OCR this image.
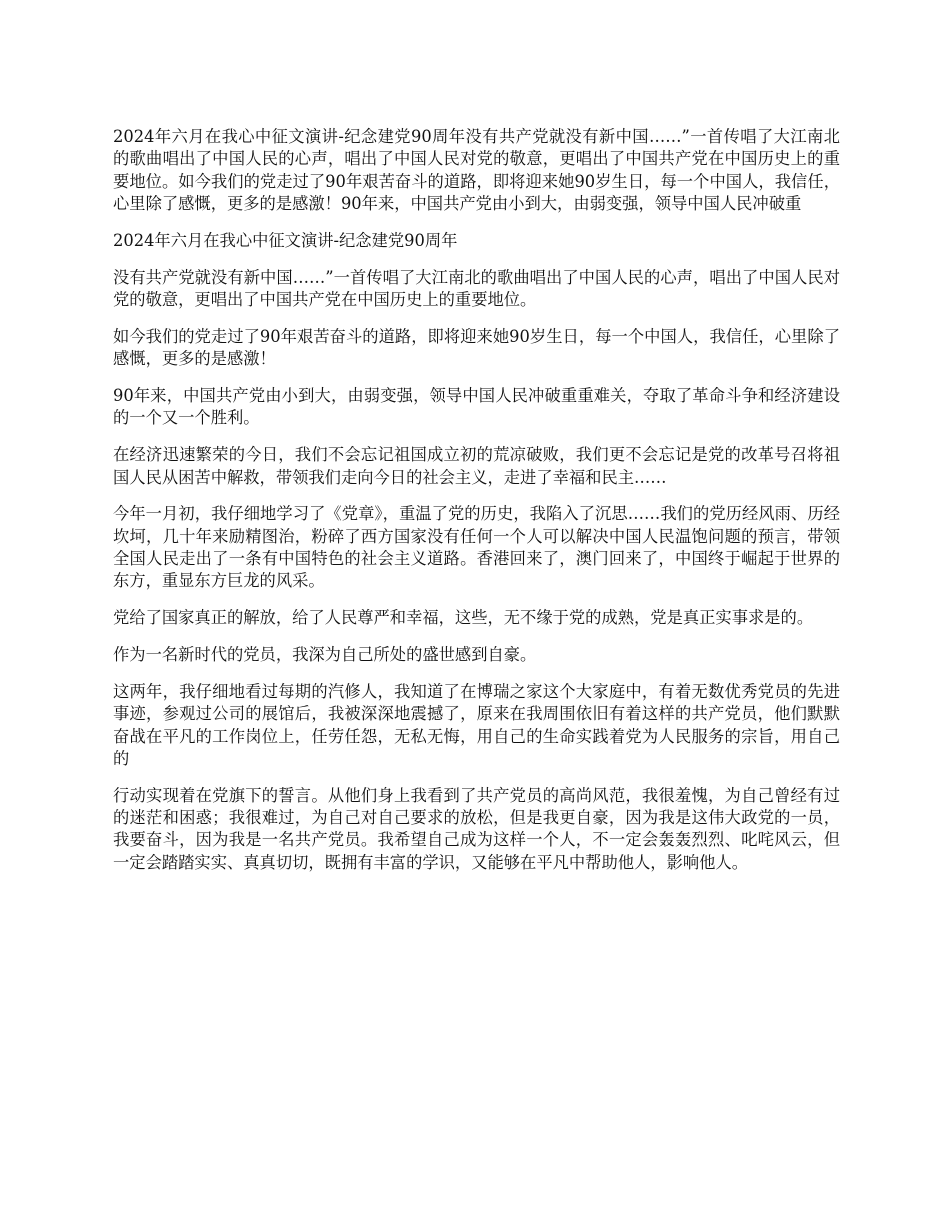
2024年六月在我心中征文演讲-纪念建党90周年没有共产党就没有新中国……”一首传唱了大江南北的歌曲唱出了中国人民的心声，唱出了中国人民对党的敬意，更唱出了中国共产党在中国历史上的重要地位。如今我们的党走过了90年艰苦奋斗的道路，即将迎来她90岁生日，每一个中国人，我信任，心里除了感慨，更多的是感激！90年来，中国共产党由小到大，由弱变强，领导中国人民冲破重

2024年六月在我心中征文演讲-纪念建党90周年

没有共产党就没有新中国……”一首传唱了大江南北的歌曲唱出了中国人民的心声，唱出了中国人民对党的敬意，更唱出了中国共产党在中国历史上的重要地位。

如今我们的党走过了90年艰苦奋斗的道路，即将迎来她90岁生日，每一个中国人，我信任，心里除了感慨，更多的是感激！

90年来，中国共产党由小到大，由弱变强，领导中国人民冲破重重难关，夺取了革命斗争和经济建设的一个又一个胜利。

在经济迅速繁荣的今日，我们不会忘记祖国成立初的荒凉破败，我们更不会忘记是党的改革号召将祖国人民从困苦中解救，带领我们走向今日的社会主义，走进了幸福和民主……

今年一月初，我仔细地学习了《党章》，重温了党的历史，我陷入了沉思……我们的党历经风雨、历经坎坷，几十年来励精图治，粉碎了西方国家没有任何一个人可以解决中国人民温饱问题的预言，带领全国人民走出了一条有中国特色的社会主义道路。香港回来了，澳门回来了，中国终于崛起于世界的东方，重显东方巨龙的风采。

党给了国家真正的解放，给了人民尊严和幸福，这些，无不缘于党的成熟，党是真正实事求是的。

作为一名新时代的党员，我深为自己所处的盛世感到自豪。

这两年，我仔细地看过每期的汽修人，我知道了在博瑞之家这个大家庭中，有着无数优秀党员的先进事迹，参观过公司的展馆后，我被深深地震撼了，原来在我周围依旧有着这样的共产党员，他们默默奋战在平凡的工作岗位上，任劳任怨，无私无悔，用自己的生命实践着党为人民服务的宗旨，用自己的

行动实现着在党旗下的誓言。从他们身上我看到了共产党员的高尚风范，我很羞愧，为自己曾经有过的迷茫和困惑；我很难过，为自己对自己要求的放松，但是我更自豪，因为我是这伟大政党的一员，我要奋斗，因为我是一名共产党员。我希望自己成为这样一个人，不一定会轰轰烈烈、叱咤风云，但一定会踏踏实实、真真切切，既拥有丰富的学识，又能够在平凡中帮助他人，影响他人。
